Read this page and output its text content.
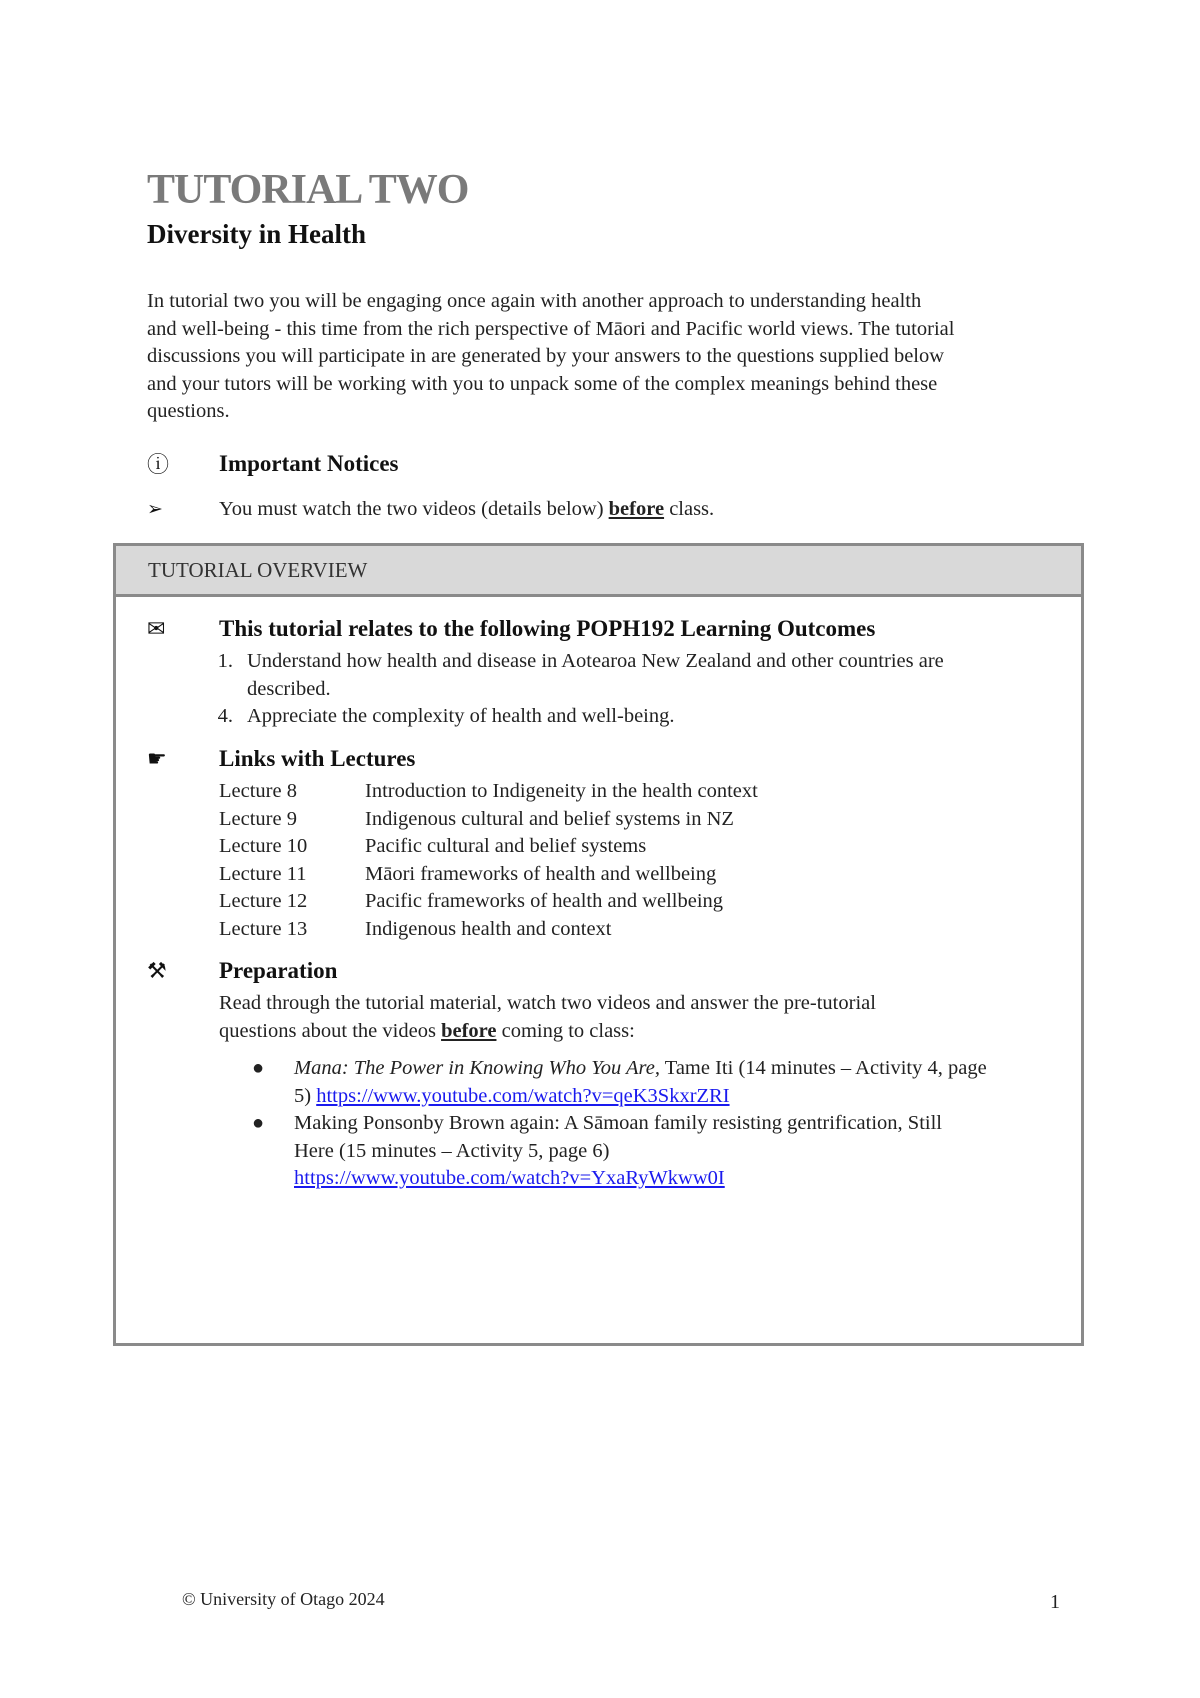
TUTORIAL TWO
Diversity in Health

In tutorial two you will be engaging once again with another approach to understanding health

and well-being - this time from the rich perspective of Māori and Pacific world views. The tutorial

discussions you will participate in are generated by your answers to the questions supplied below

and your tutors will be working with you to unpack some of the complex meanings behind these

questions.

ⓘ	Important Notices
➢	You must watch the two videos (details below) before class.
TUTORIAL OVERVIEW
✉	This tutorial relates to the following POPH192 Learning Outcomes
1. Understand how health and disease in Aotearoa New Zealand and other countries are
described.
4. Appreciate the complexity of health and well-being.
☛	Links with Lectures
Lecture 8	Introduction to Indigeneity in the health context
Lecture 9	Indigenous cultural and belief systems in NZ
Lecture 10	Pacific cultural and belief systems
Lecture 11	Māori frameworks of health and wellbeing
Lecture 12	Pacific frameworks of health and wellbeing
Lecture 13	Indigenous health and context
⚒	Preparation
Read through the tutorial material, watch two videos and answer the pre-tutorial
questions about the videos before coming to class:
●	Mana: The Power in Knowing Who You Are, Tame Iti (14 minutes – Activity 4, page
5) https://www.youtube.com/watch?v=qeK3SkxrZRI
●	Making Ponsonby Brown again: A Sāmoan family resisting gentrification, Still
Here (15 minutes – Activity 5, page 6)
https://www.youtube.com/watch?v=YxaRyWkww0I
© University of Otago 2024	1
